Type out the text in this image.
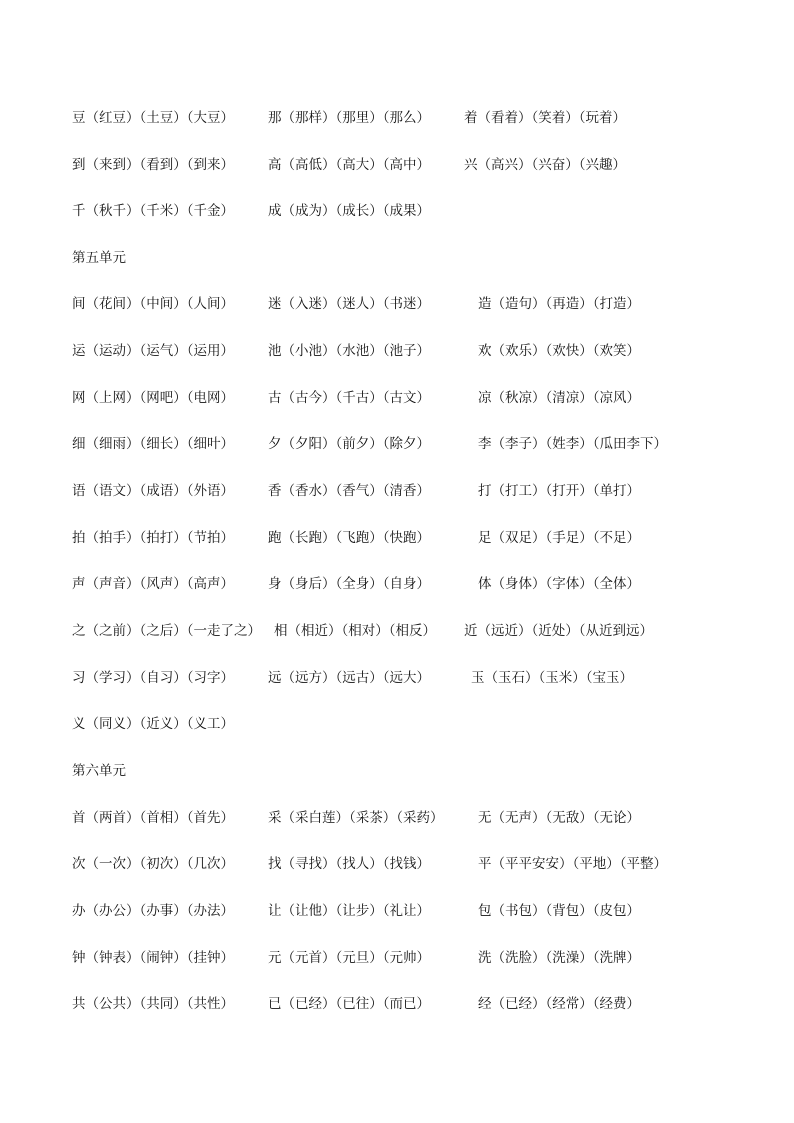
豆（红豆）（土豆）（大豆）	那（那样）（那里）（那么）	着（看着）（笑着）（玩着）
到（来到）（看到）（到来）	高（高低）（高大）（高中）	兴（高兴）（兴奋）（兴趣）
千（秋千）（千米）（千金）	成（成为）（成长）（成果）
第五单元
间（花间）（中间）（人间）	迷（入迷）（迷人）（书迷）	造（造句）（再造）（打造）
运（运动）（运气）（运用）	池（小池）（水池）（池子）	欢（欢乐）（欢快）（欢笑）
网（上网）（网吧）（电网）	古（古今）（千古）（古文）	凉（秋凉）（清凉）（凉风）
细（细雨）（细长）（细叶）	夕（夕阳）（前夕）（除夕）	李（李子）（姓李）（瓜田李下）
语（语文）（成语）（外语）	香（香水）（香气）（清香）	打（打工）（打开）（单打）
拍（拍手）（拍打）（节拍）	跑（长跑）（飞跑）（快跑）	足（双足）（手足）（不足）
声（声音）（风声）（高声）	身（身后）（全身）（自身）	体（身体）（字体）（全体）
之（之前）（之后）（一走了之） 相（相近）（相对）（相反） 近（远近）（近处）（从近到远）
习（学习）（自习）（习字）	远（远方）（远古）（远大）	玉（玉石）（玉米）（宝玉）
义（同义）（近义）（义工）
第六单元
首（两首）（首相）（首先）	采（采白莲）（采茶）（采药）	无（无声）（无敌）（无论）
次（一次）（初次）（几次）	找（寻找）（找人）（找钱）	平（平平安安）（平地）（平整）
办（办公）（办事）（办法）	让（让他）（让步）（礼让）	包（书包）（背包）（皮包）
钟（钟表）（闹钟）（挂钟）	元（元首）（元旦）（元帅）	洗（洗脸）（洗澡）（洗牌）
共（公共）（共同）（共性）	已（已经）（已往）（而已）	经（已经）（经常）（经费）
